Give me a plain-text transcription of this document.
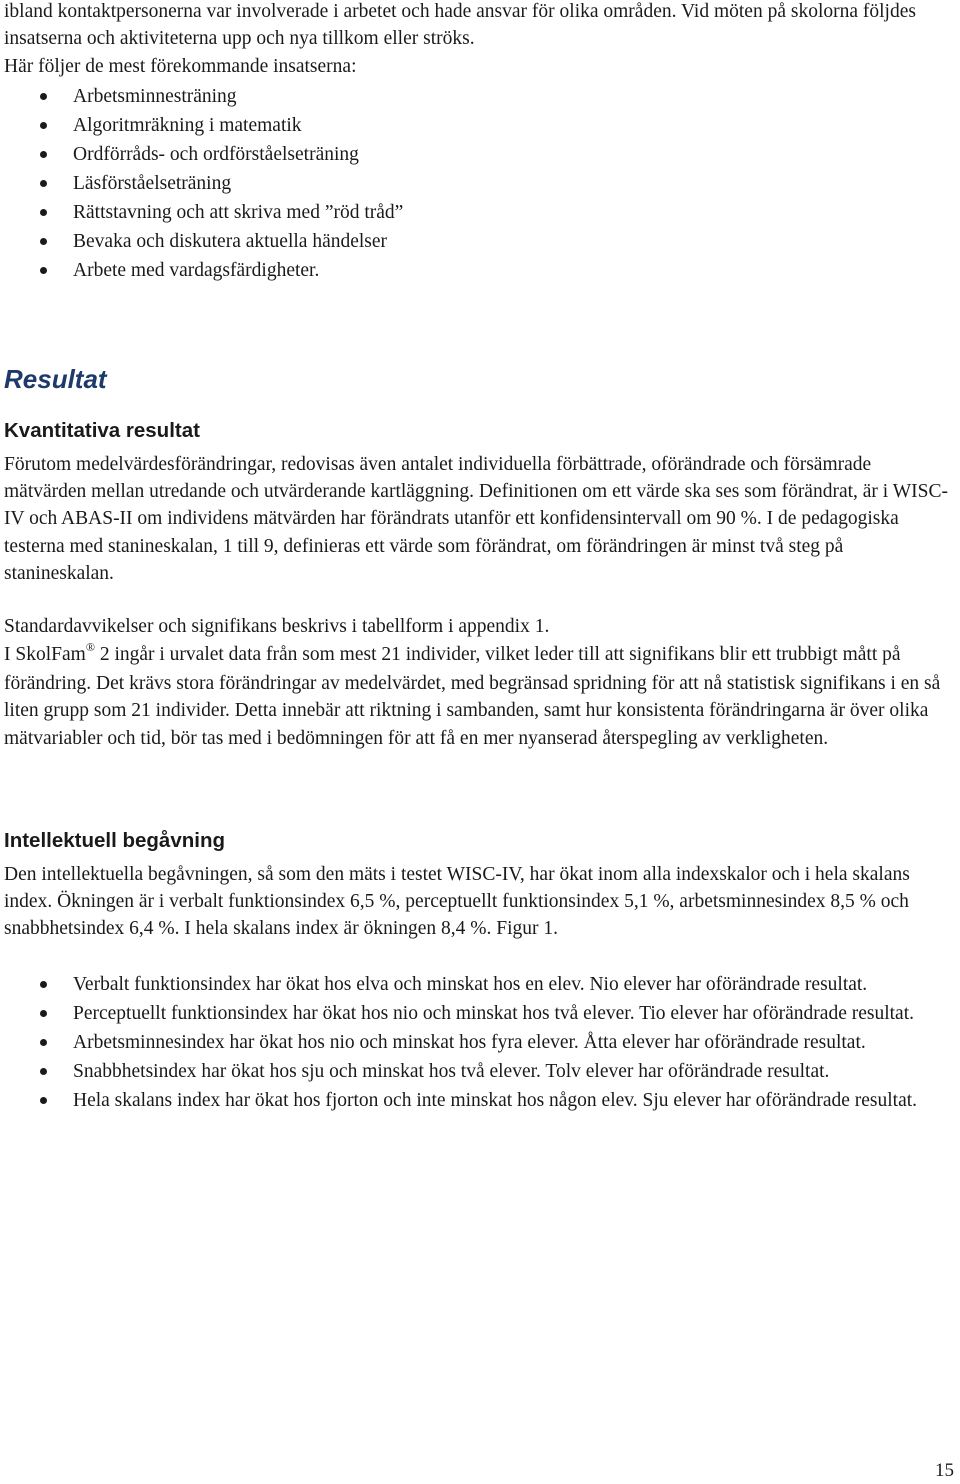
ibland kontaktpersonerna var involverade i arbetet och hade ansvar för olika områden. Vid möten på skolorna följdes insatserna och aktiviteterna upp och nya tillkom eller ströks.

Här följer de mest förekommande insatserna:

Arbetsminnesträning
Algoritmräkning i matematik
Ordförråds- och ordförståelseträning
Läsförståelseträning
Rättstavning och att skriva med ”röd tråd”
Bevaka och diskutera aktuella händelser
Arbete med vardagsfärdigheter.
Resultat
Kvantitativa resultat

Förutom medelvärdesförändringar, redovisas även antalet individuella förbättrade, oförändrade och försämrade mätvärden mellan utredande och utvärderande kartläggning. Definitionen om ett värde ska ses som förändrat, är i WISC-IV och ABAS-II om individens mätvärden har förändrats utanför ett konfidensintervall om 90 %. I de pedagogiska testerna med stanineskalan, 1 till 9, definieras ett värde som förändrat, om förändringen är minst två steg på stanineskalan.

Standardavvikelser och signifikans beskrivs i tabellform i appendix 1.

I SkolFam® 2 ingår i urvalet data från som mest 21 individer, vilket leder till att signifikans blir ett trubbigt mått på förändring. Det krävs stora förändringar av medelvärdet, med begränsad spridning för att nå statistisk signifikans i en så liten grupp som 21 individer. Detta innebär att riktning i sambanden, samt hur konsistenta förändringarna är över olika mätvariabler och tid, bör tas med i bedömningen för att få en mer nyanserad återspegling av verkligheten.

Intellektuell begåvning

Den intellektuella begåvningen, så som den mäts i testet WISC-IV, har ökat inom alla indexskalor och i hela skalans index. Ökningen är i verbalt funktionsindex 6,5 %, perceptuellt funktionsindex 5,1 %, arbetsminnesindex 8,5 % och snabbhetsindex 6,4 %. I hela skalans index är ökningen 8,4 %. Figur 1.

Verbalt funktionsindex har ökat hos elva och minskat hos en elev. Nio elever har oförändrade resultat.
Perceptuellt funktionsindex har ökat hos nio och minskat hos två elever. Tio elever har oförändrade resultat.
Arbetsminnesindex har ökat hos nio och minskat hos fyra elever. Åtta elever har oförändrade resultat.
Snabbhetsindex har ökat hos sju och minskat hos två elever. Tolv elever har oförändrade resultat.
Hela skalans index har ökat hos fjorton och inte minskat hos någon elev. Sju elever har oförändrade resultat.
15
